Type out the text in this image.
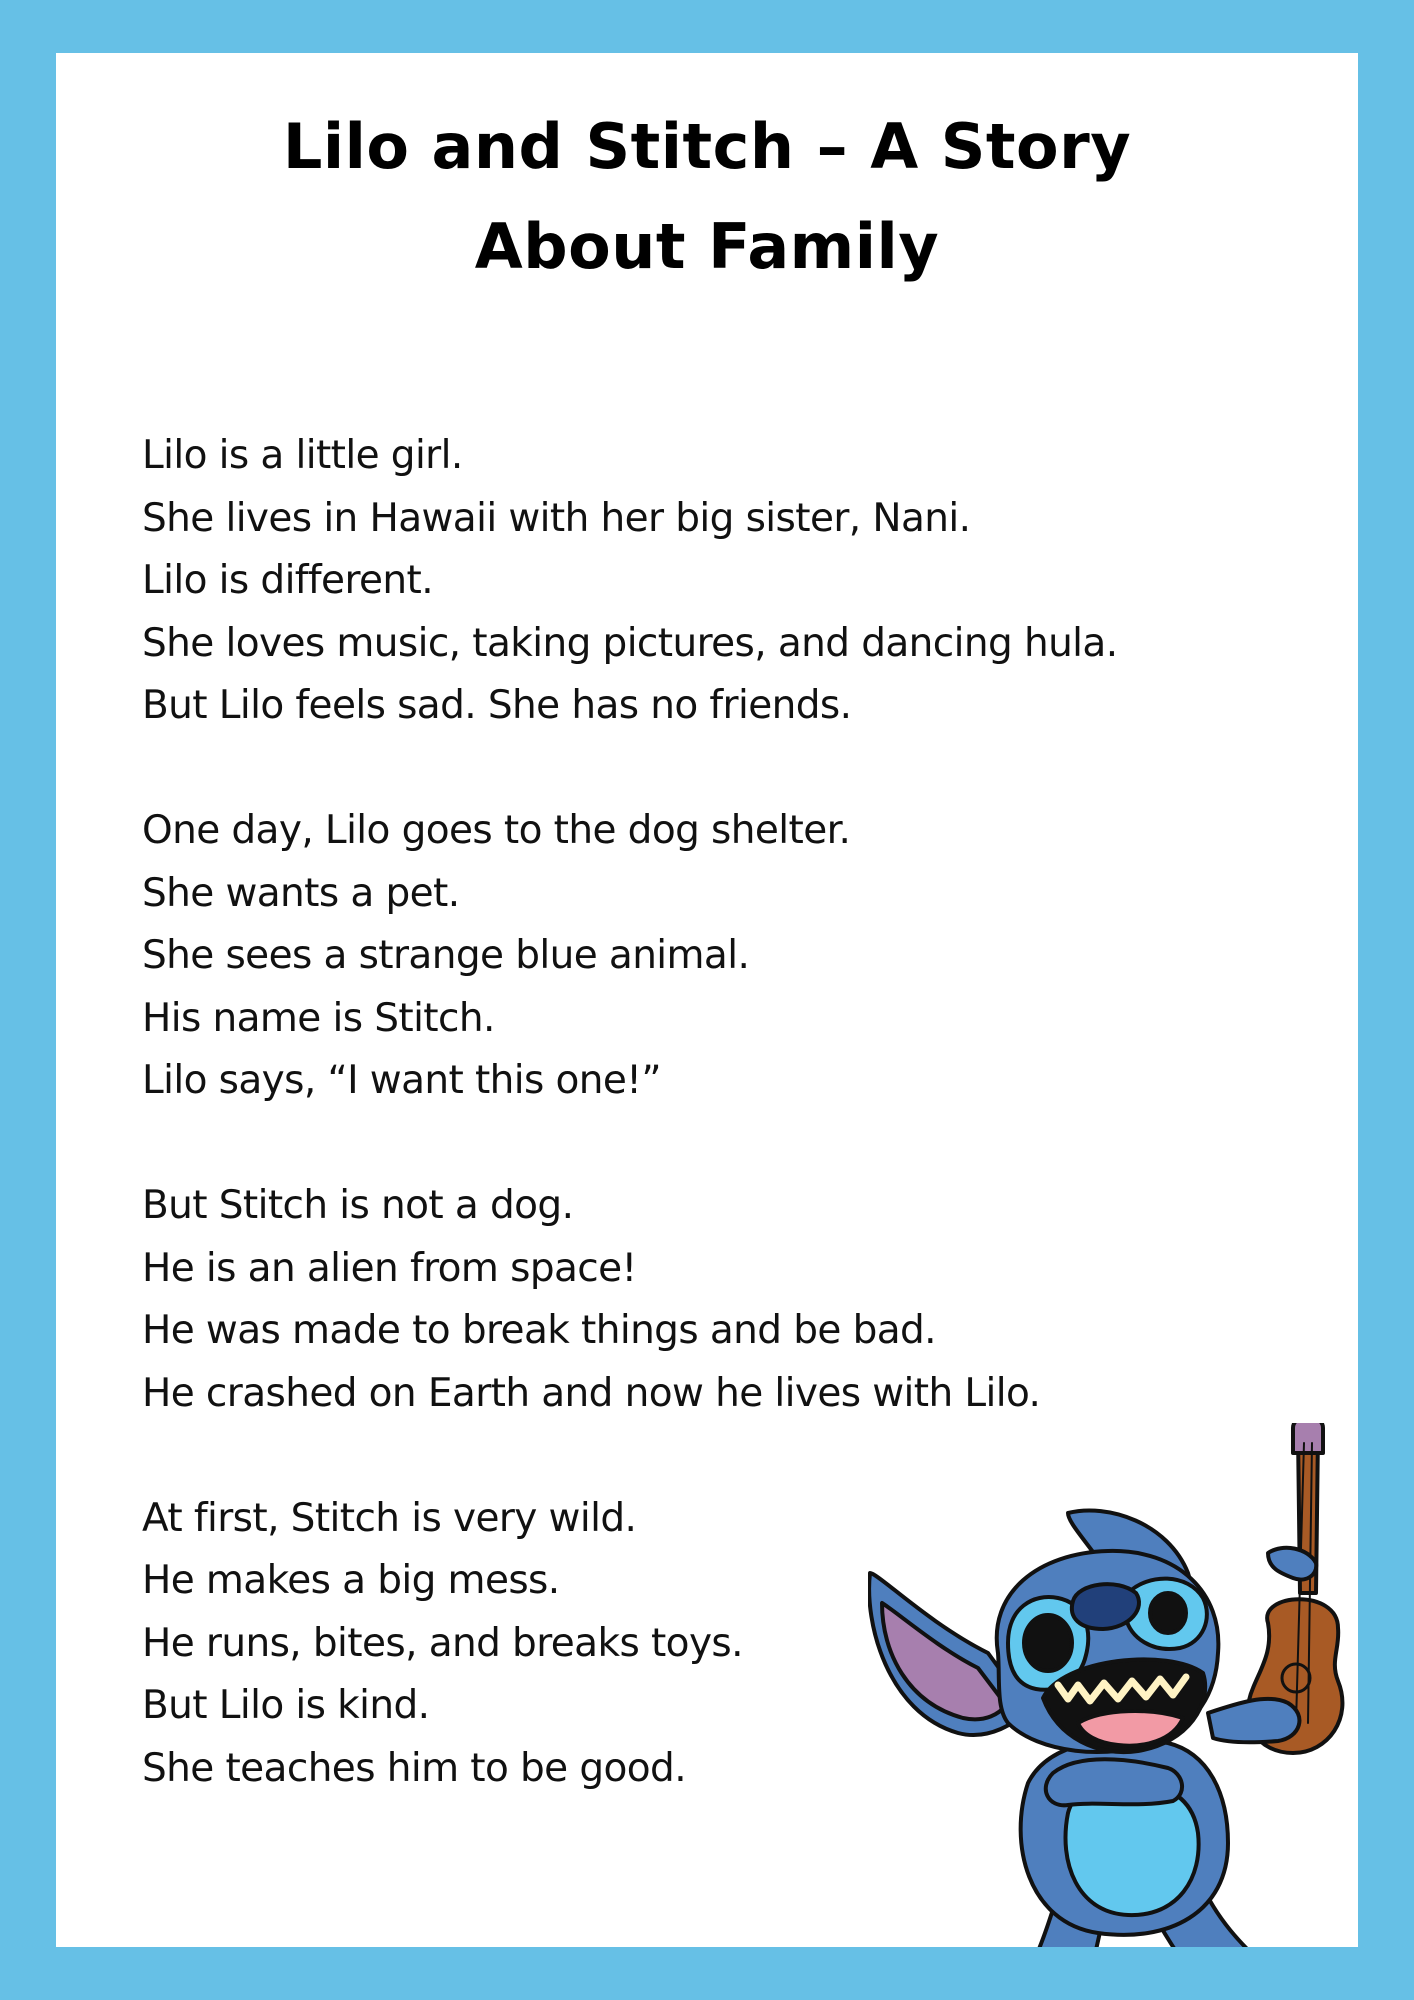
Lilo and Stitch – A Story
About Family
Lilo is a little girl.
She lives in Hawaii with her big sister, Nani.
Lilo is different.
She loves music, taking pictures, and dancing hula.
But Lilo feels sad. She has no friends.
One day, Lilo goes to the dog shelter.
She wants a pet.
She sees a strange blue animal.
His name is Stitch.
Lilo says, “I want this one!”
But Stitch is not a dog.
He is an alien from space!
He was made to break things and be bad.
He crashed on Earth and now he lives with Lilo.
At first, Stitch is very wild.
He makes a big mess.
He runs, bites, and breaks toys.
But Lilo is kind.
She teaches him to be good.
